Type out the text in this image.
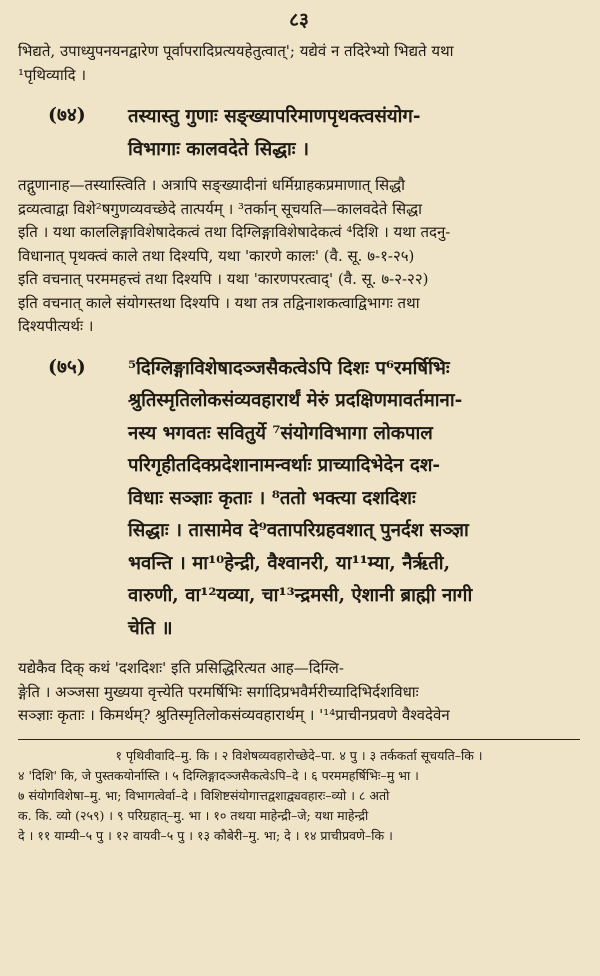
८३

भिद्यते, उपाध्युपनयनद्वारेण पूर्वापरादिप्रत्ययहेतुत्वात्'; यद्येवं न तदिरेभ्यो भिद्यते यथा

¹पृथिव्यादि ।

(७४)	तस्यास्तु गुणाः सङ्ख्यापरिमाणपृथक्त्वसंयोग-
विभागाः कालवदेते सिद्धाः ।

तद्गुणानाह—तस्यास्त्विति । अत्रापि सङ्ख्यादीनां धर्मिग्राहकप्रमाणात् सिद्धौ

द्रव्यत्वाद्वा विशे²षगुणव्यवच्छेदे तात्पर्यम् । ³तर्कान् सूचयति—कालवदेते सिद्धा

इति । यथा काललिङ्गाविशेषादेकत्वं तथा दिग्लिङ्गाविशेषादेकत्वं ⁴दिशि । यथा तदनु-

विधानात् पृथक्त्वं काले तथा दिश्यपि, यथा 'कारणे कालः' (वै. सू. ७-१-२५)

इति वचनात् परममहत्त्वं तथा दिश्यपि । यथा 'कारणपरत्वाद्' (वै. सू. ७-२-२२)

इति वचनात् काले संयोगस्तथा दिश्यपि । यथा तत्र तद्विनाशकत्वाद्विभागः तथा

दिश्यपीत्यर्थः ।

(७५)	⁵दिग्लिङ्गाविशेषादञ्जसैकत्वेऽपि दिशः प⁶रमर्षिभिः
श्रुतिस्मृतिलोकसंव्यवहारार्थं मेरुं प्रदक्षिणमावर्तमाना-
नस्य भगवतः सवितुर्ये ⁷संयोगविभागा लोकपाल
परिगृहीतदिक्प्रदेशानामन्वर्थाः प्राच्यादिभेदेन दश-
विधाः सञ्ज्ञाः कृताः । ⁸ततो भक्त्या दशदिशः
सिद्धाः । तासामेव दे⁹वतापरिग्रहवशात् पुनर्दश सञ्ज्ञा
भवन्ति । मा¹⁰हेन्द्री, वैश्वानरी, या¹¹म्या, नैर्ऋती,
वारुणी, वा¹²यव्या, चा¹³न्द्रमसी, ऐशानी ब्राह्मी नागी
चेति ॥

यद्येकैव दिक् कथं 'दशदिशः' इति प्रसिद्धिरित्यत आह—दिग्लि-

ङ्गेति । अञ्जसा मुख्यया वृत्त्येति परमर्षिभिः सर्गादिप्रभवैर्मरीच्यादिभिर्दशविधाः

सञ्ज्ञाः कृताः । किमर्थम्? श्रुतिस्मृतिलोकसंव्यवहारार्थम् । '¹⁴प्राचीनप्रवणे वैश्वदेवेन

१ पृथिवीवादि–मु. कि । २ विशेषव्यवहारोच्छेदे–पा. ४ पु । ३ तर्ककर्ता सूचयति–कि ।

४ 'दिशि' कि, जे पुस्तकयोर्नास्ति । ५ दिग्लिङ्गादञ्जसैकत्वेऽपि–दे । ६ परममहर्षिभिः–मु भा ।

७ संयोगविशेषा–मु. भा; विभागत्वेर्वा–दे । विशिष्टसंयोगात्तद्वशाद्व्यवहारः–व्यो । ८ अतो

क. कि. व्यो (२५९) । ९ परिग्रहात्–मु. भा । १० तथया माहेन्द्री–जे; यथा माहेन्द्री

दे । ११ याम्यी–५ पु । १२ वायवी–५ पु । १३ कौबेरी–मु. भा; दे । १४ प्राचीप्रवणे–कि ।
